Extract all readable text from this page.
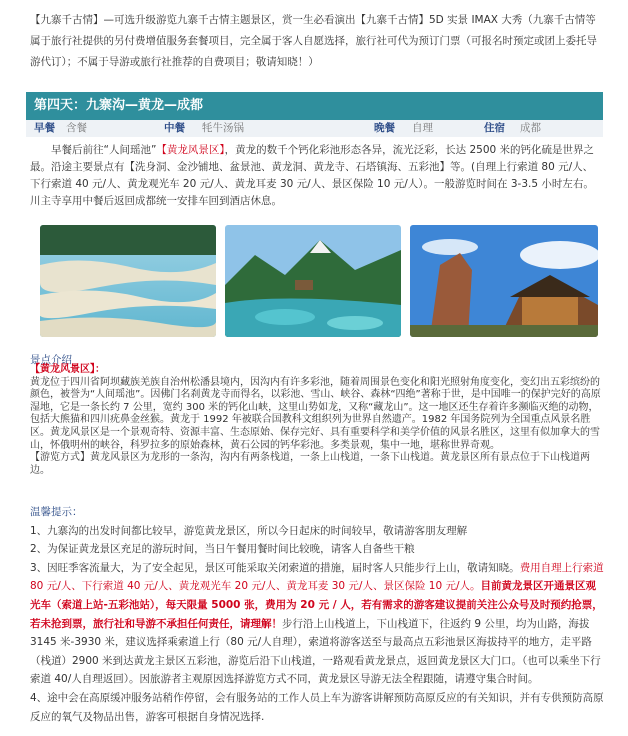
【九寨千古情】—可选升级游览九寨千古情主题景区，赏一生必看演出【九寨千古情】5D 实景 IMAX 大秀（九寨千古情等属于旅行社提供的另付费增值服务套餐项目，完全属于客人自愿选择，旅行社可代为预订门票（可报名时预定或团上委托导游代订）；不属于导游或旅行社推荐的自费项目；敬请知晓！）
第四天：九寨沟—黄龙—成都
早餐 含餐	中餐 牦牛汤锅	晚餐 自理	住宿 成都
早餐后前往“人间瑶池”【黄龙风景区】，黄龙的数千个钙化彩池形态各异，流光泛彩，长达 2500 米的钙化硫是世界之最。沿途主要景点有【洗身洞、金沙铺地、盆景池、黄龙洞、黄龙寺、石塔镇海、五彩池】等。(自理上行索道 80 元/人、下行索道 40 元/人、黄龙观光车 20 元/人、黄龙耳麦 30 元/人、景区保险 10 元/人）。一般游览时间在 3-3.5 小时左右。川主寺享用中餐后返回成都统一安排车回到酒店休息。
景点介绍
【黄龙风景区】：
黄龙位于四川省阿坝藏族羌族自治州松潘县境内，因沟内有许多彩池，随着周围景色变化和阳光照射角度变化，变幻出五彩缤纷的颜色，被誉为“人间瑶池”。因佛门名刹黄龙寺而得名，以彩池、雪山、峡谷、森林“四绝”著称于世，是中国唯一的保护完好的高原湿地，它是一条长约 7 公里，宽约 300 米的钙化山峡，这里山势如龙，又称“藏龙山”。这一地区还生存着许多濒临灭绝的动物，包括大熊猫和四川疣鼻金丝猴。黄龙于 1992 年被联合国教科文组织列为世界自然遗产。1982 年国务院列为全国重点风景名胜区。黄龙风景区是一个景观奇特、资源丰富、生态原始、保存完好、具有重要科学和美学价值的风景名胜区，这里有似加拿大的雪山，怀俄明州的峡谷，科罗拉多的原始森林，黄石公园的钙华彩池。多类景观，集中一地，堪称世界奇观。
【游览方式】黄龙风景区为龙形的一条沟，沟内有两条栈道，一条上山栈道，一条下山栈道。黄龙景区所有景点位于下山栈道两边。

温馨提示：

1、九寨沟的出发时间都比较早，游览黄龙景区，所以今日起床的时间较早，敬请游客朋友理解

2、为保证黄龙景区充足的游玩时间，当日午餐用餐时间比较晚，请客人自备些干粮

3、因旺季客流量大，为了安全起见，景区可能采取关闭索道的措施，届时客人只能步行上山，敬请知晓。费用自理上行索道 80 元/人、下行索道 40 元/人、黄龙观光车 20 元/人、黄龙耳麦 30 元/人、景区保险 10 元/人。目前黄龙景区开通景区观光车（索道上站-五彩池站），每天限量 5000 张，费用为 20 元 / 人，若有需求的游客建议提前关注公众号及时预约抢票，若未抢到票，旅行社和导游不承担任何责任，请理解！步行沿上山栈道上，下山栈道下，往返约 9 公里，均为山路，海拔 3145 米-3930 米，建议选择乘索道上行（80 元/人自理），索道将游客送至与最高点五彩池景区海拔持平的地方，走平路（栈道）2900 米到达黄龙主景区五彩池，游览后沿下山栈道，一路观看黄龙景点，返回黄龙景区大门口。（也可以乘坐下行索道 40/人自理返回）。因旅游者主观原因选择游览方式不同，黄龙景区导游无法全程跟随，请遵守集合时间。

4、途中会在高原缓冲服务站稍作停留，会有服务站的工作人员上车为游客讲解预防高原反应的有关知识，并有专供预防高原反应的氧气及物品出售，游客可根据自身情况选择.
